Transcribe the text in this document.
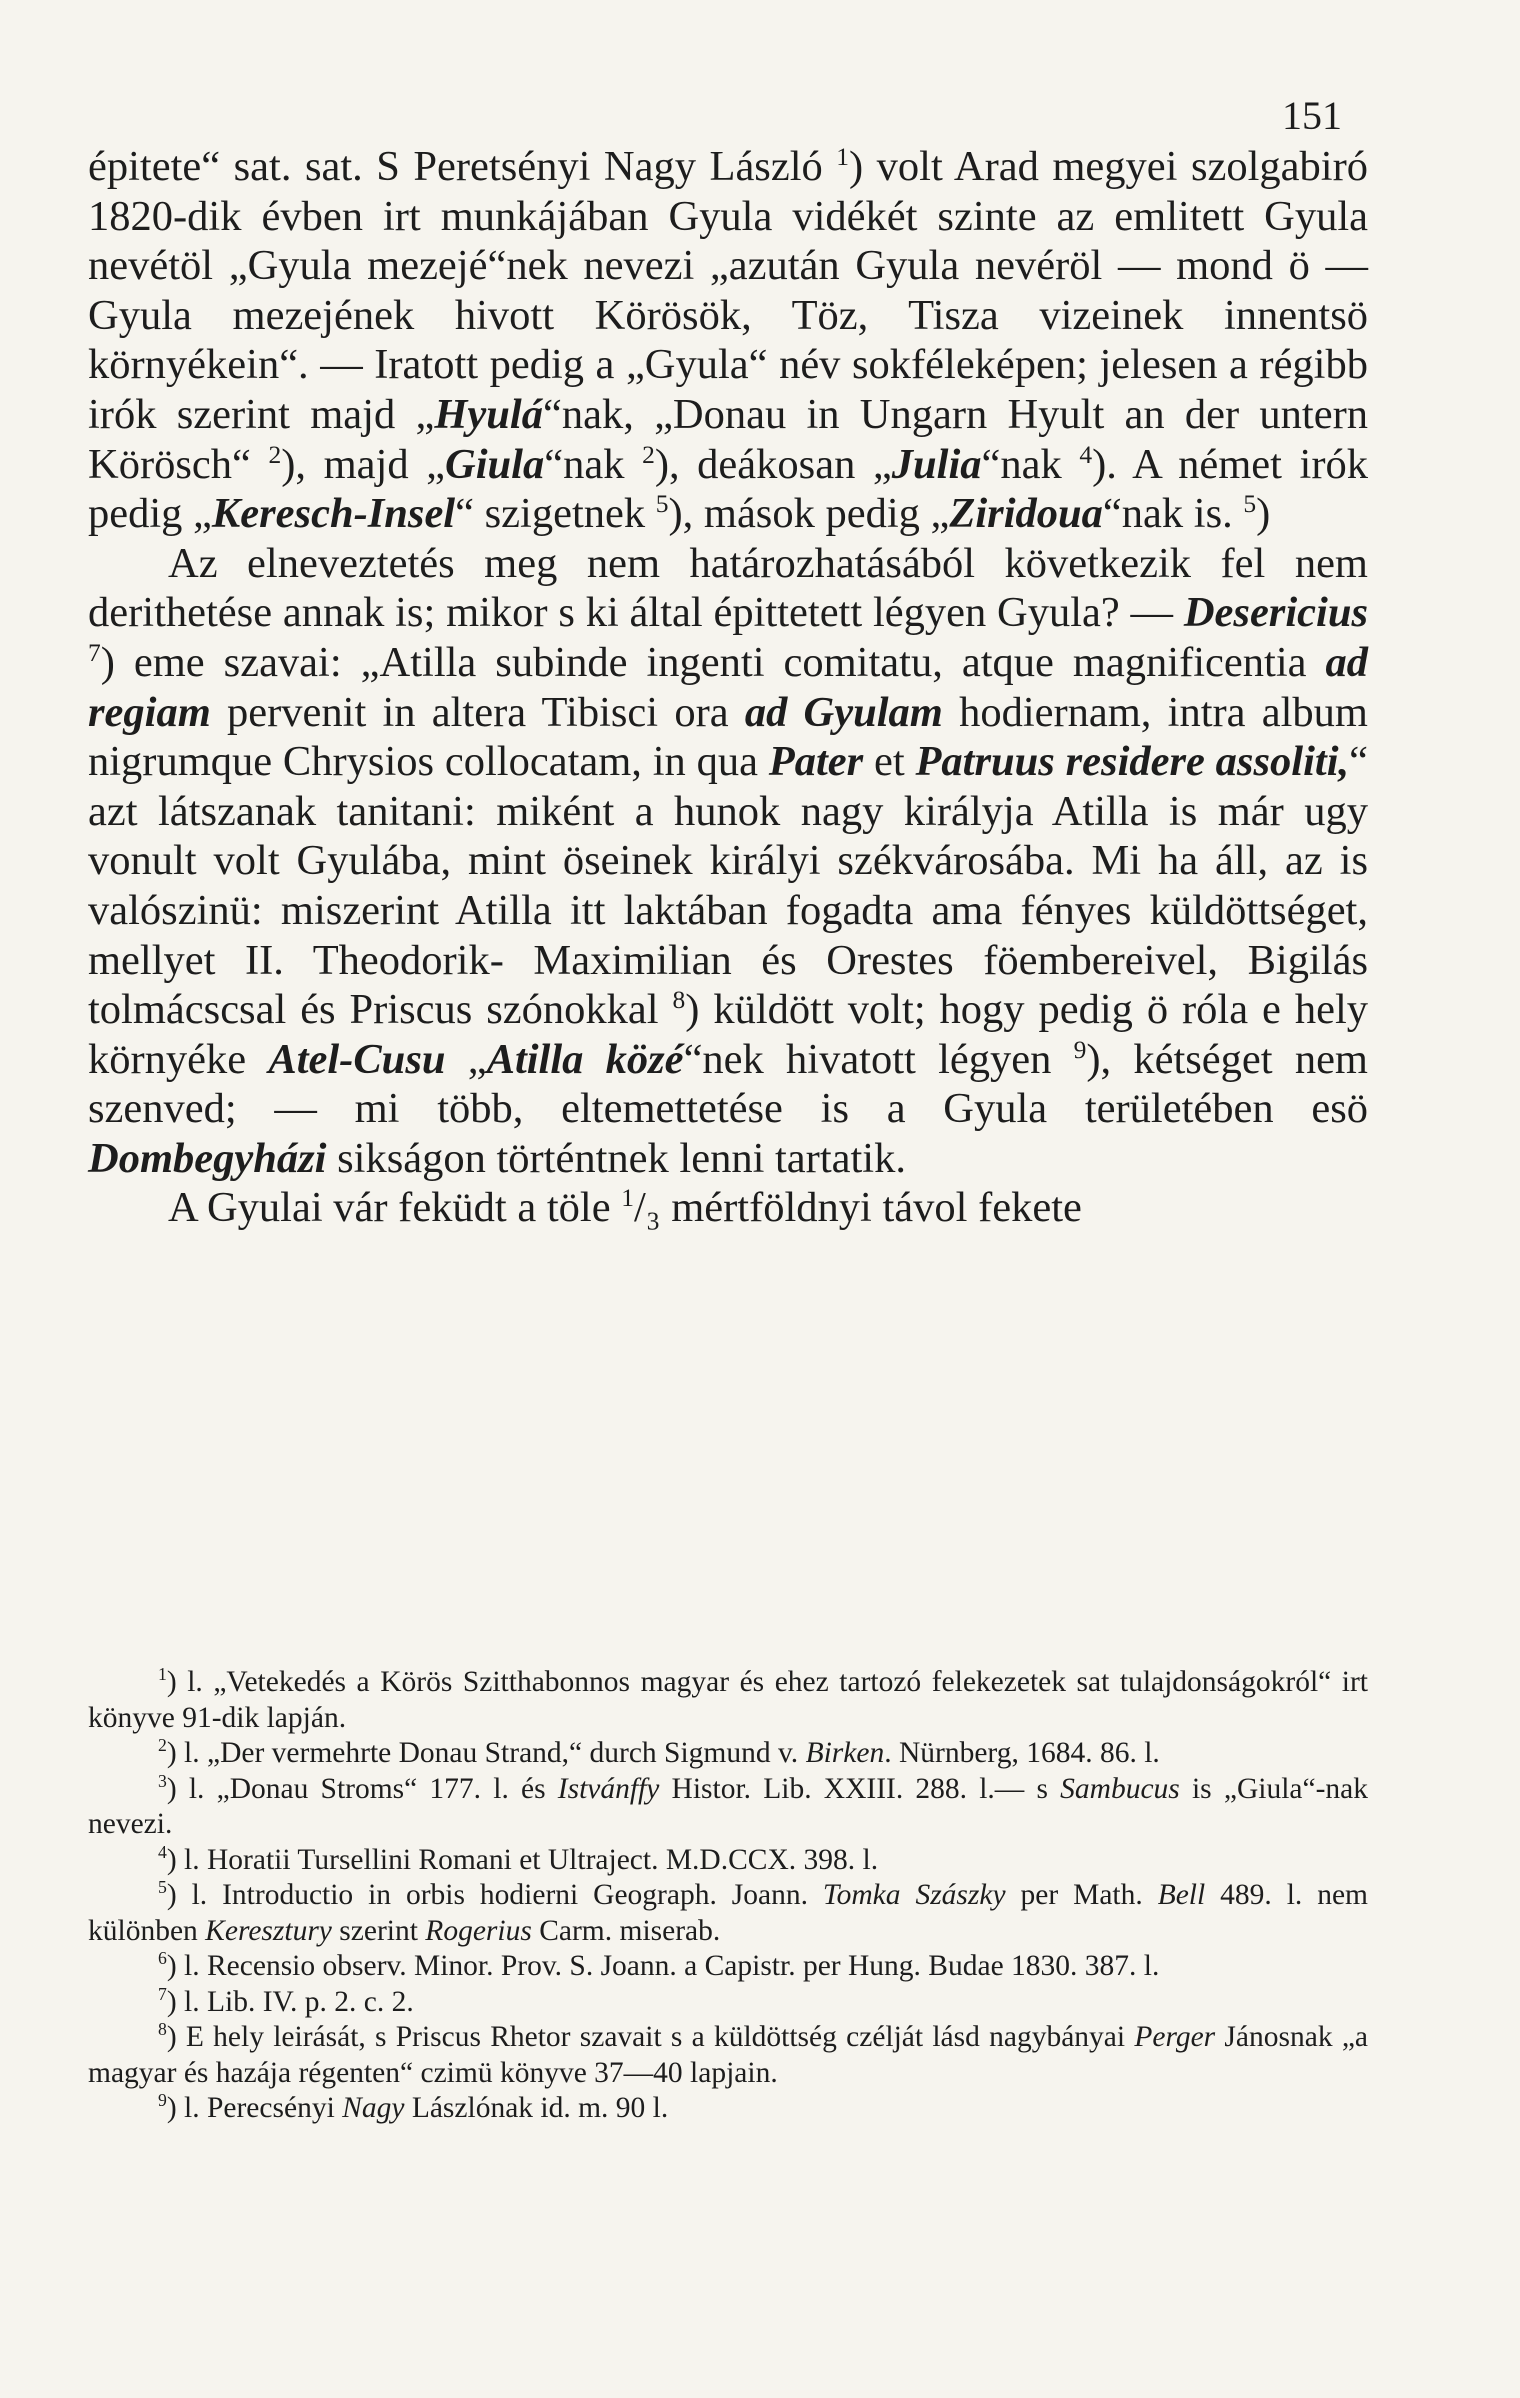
151

épitete“ sat. sat. S Peretsényi Nagy László $^1$) volt Arad megyei szolgabiró 1820-dik évben irt munkájában Gyula vidékét szinte az emlitett Gyula nevétöl „Gyula mezejé“nek nevezi „azután Gyula nevéröl — mond ö — Gyula mezejének hivott Körösök, Töz, Tisza vizeinek innentsö környékein“. — Iratott pedig a „Gyula“ név sokféleképen; jelesen a régibb irók szerint majd „Hyulá“nak, „Donau in Ungarn Hyult an der untern Körösch“ $^2$), majd „Giula“nak $^2$), deákosan „Julia“nak $^4$). A német irók pedig „Keresch-Insel“ szigetnek $^5$), mások pedig „Ziridoua“nak is. $^5$)

Az elneveztetés meg nem határozhatásából következik fel nem derithetése annak is; mikor s ki által épittetett légyen Gyula? — Desericius $^7$) eme szavai: „Atilla subinde ingenti comitatu, atque magnificentia ad regiam pervenit in altera Tibisci ora ad Gyulam hodiernam, intra album nigrumque Chrysios collocatam, in qua Pater et Patruus residere assoliti,“ azt látszanak tanitani: miként a hunok nagy királyja Atilla is már ugy vonult volt Gyulába, mint öseinek királyi székvárosába. Mi ha áll, az is valószinü: miszerint Atilla itt laktában fogadta ama fényes küldöttséget, mellyet II. Theodorik- Maximilian és Orestes föembereivel, Bigilás tolmácscsal és Priscus szónokkal $^8$) küldött volt; hogy pedig ö róla e hely környéke Atel-Cusu „Atilla közé“nek hivatott légyen $^9$), kétséget nem szenved; — mi több, eltemettetése is a Gyula területében esö Dombegyházi sikságon történtnek lenni tartatik.

A Gyulai vár feküdt a töle $^1$/₃ mértföldnyi távol fekete

$^1$) l. „Vetekedés a Körös Szitthabonnos magyar és ehez tartozó felekezetek sat tulajdonságokról“ irt könyve 91-dik lapján.

$^2$) l. „Der vermehrte Donau Strand,“ durch Sigmund v. Birken. Nürnberg, 1684. 86. l.

$^3$) l. „Donau Stroms“ 177. l. és Istvánffy Histor. Lib. XXIII. 288. l.— s Sambucus is „Giula“-nak nevezi.

$^4$) l. Horatii Tursellini Romani et Ultraject. M.D.CCX. 398. l.

$^5$) l. Introductio in orbis hodierni Geograph. Joann. Tomka Szászky per Math. Bell 489. l. nem különben Keresztury szerint Rogerius Carm. miserab.

$^6$) l. Recensio observ. Minor. Prov. S. Joann. a Capistr. per Hung. Budae 1830. 387. l.

$^7$) l. Lib. IV. p. 2. c. 2.

$^8$) E hely leirását, s Priscus Rhetor szavait s a küldöttség czélját lásd nagybányai Perger Jánosnak „a magyar és hazája régenten“ czimü könyve 37—40 lapjain.

$^9$) l. Perecsényi Nagy Lászlónak id. m. 90 l.
